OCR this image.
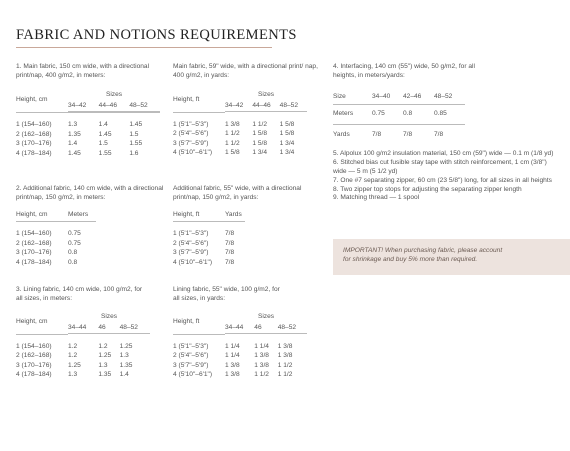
FABRIC AND NOTIONS REQUIREMENTS
1. Main fabric, 150 cm wide, with a directional print/nap, 400 g/m2, in meters:
Height, cm	Sizes		
	34–42	44–46	48–52

1 (154–160)	1.3	1.4	1.45
2 (162–168)	1.35	1.45	1.5
3 (170–176)	1.4	1.5	1.55
4 (178–184)	1.45	1.55	1.6
Main fabric, 59" wide, with a directional print/ nap, 400 g/m2, in yards:
Height, ft	Sizes		
	34–42	44–46	48–52

1 (5'1"–5'3")	1 3/8	1 1/2	1 5/8
2 (5'4"–5'6")	1 1/2	1 5/8	1 5/8
3 (5'7"–5'9")	1 1/2	1 5/8	1 3/4
4 (5'10"–6'1")	1 5/8	1 3/4	1 3/4
4. Interfacing, 140 cm (55") wide, 50 g/m2, for all heights, in meters/yards:
Size	34–40	42–46	48–52
Meters	0.75	0.8	0.85
Yards	7/8	7/8	7/8
5. Alpolux 100 g/m2 insulation material, 150 cm (59") wide — 0.1 m (1/8 yd)
6. Stitched bias cut fusible stay tape with stitch reinforcement, 1 cm (3/8")
wide — 5 m (5 1/2 yd)
7. One #7 separating zipper, 60 cm (23 5/8") long, for all sizes in all heights
8. Two zipper top stops for adjusting the separating zipper length
9. Matching thread — 1 spool
IMPORTANT! When purchasing fabric, please account
for shrinkage and buy 5% more than required.
2. Additional fabric, 140 cm wide, with a directional print/nap, 150 g/m2, in meters:
Height, cm	Meters

1 (154–160)	0.75
2 (162–168)	0.75
3 (170–176)	0.8
4 (178–184)	0.8
Additional fabric, 55" wide, with a directional print/nap, 150 g/m2, in yards:
Height, ft	Yards

1 (5'1"–5'3")	7/8
2 (5'4"–5'6")	7/8
3 (5'7"–5'9")	7/8
4 (5'10"–6'1")	7/8
3. Lining fabric, 140 cm wide, 100 g/m2, for all sizes, in meters:
Height, cm	Sizes		
	34–44	46	48–52

1 (154–160)	1.2	1.2	1.25
2 (162–168)	1.2	1.25	1.3
3 (170–176)	1.25	1.3	1.35
4 (178–184)	1.3	1.35	1.4
Lining fabric, 55" wide, 100 g/m2, for all sizes, in yards:
Height, ft	Sizes		
	34–44	46	48–52

1 (5'1"–5'3")	1 1/4	1 1/4	1 3/8
2 (5'4"–5'6")	1 1/4	1 3/8	1 3/8
3 (5'7"–5'9")	1 3/8	1 3/8	1 1/2
4 (5'10"–6'1")	1 3/8	1 1/2	1 1/2
